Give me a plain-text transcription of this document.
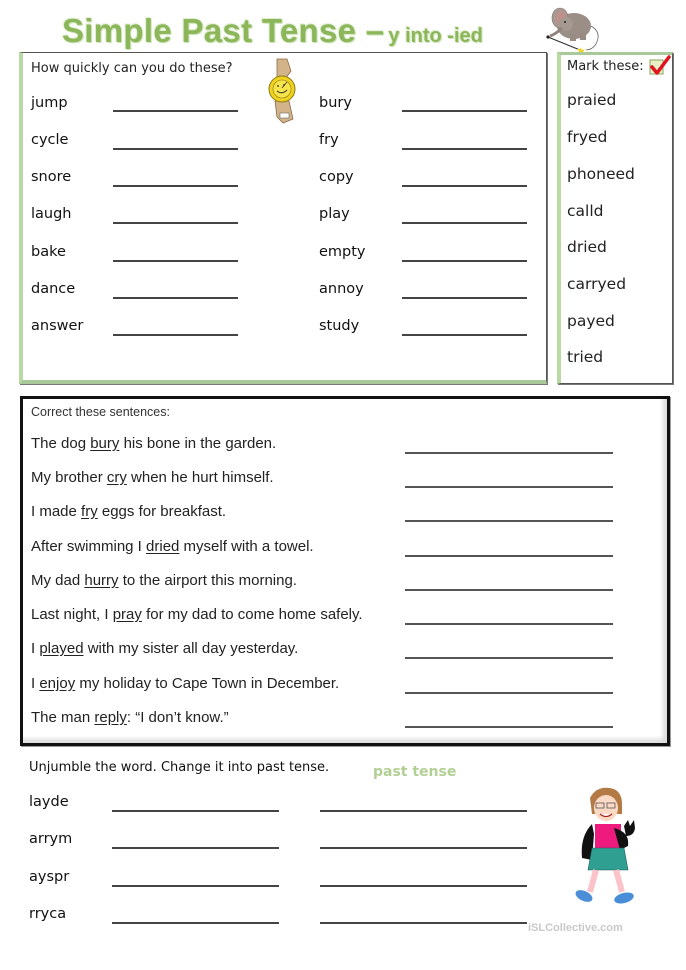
Simple Past Tense – y into -ied
How quickly can you do these?
jump
cycle
snore
laugh
bake
dance
answer
bury
fry
copy
play
empty
annoy
study
Mark these:
praied
fryed
phoneed
calld
dried
carryed
payed
tried
Correct these sentences:
The dog bury his bone in the garden.
My brother cry when he hurt himself.
I made fry eggs for breakfast.
After swimming I dried myself with a towel.
My dad hurry to the airport this morning.
Last night, I pray for my dad to come home safely.
I played with my sister all day yesterday.
I enjoy my holiday to Cape Town in December.
The man reply: “I don’t know.”
Unjumble the word. Change it into past tense.	past tense
layde
arrym
ayspr
rryca
iSLCollective.com
